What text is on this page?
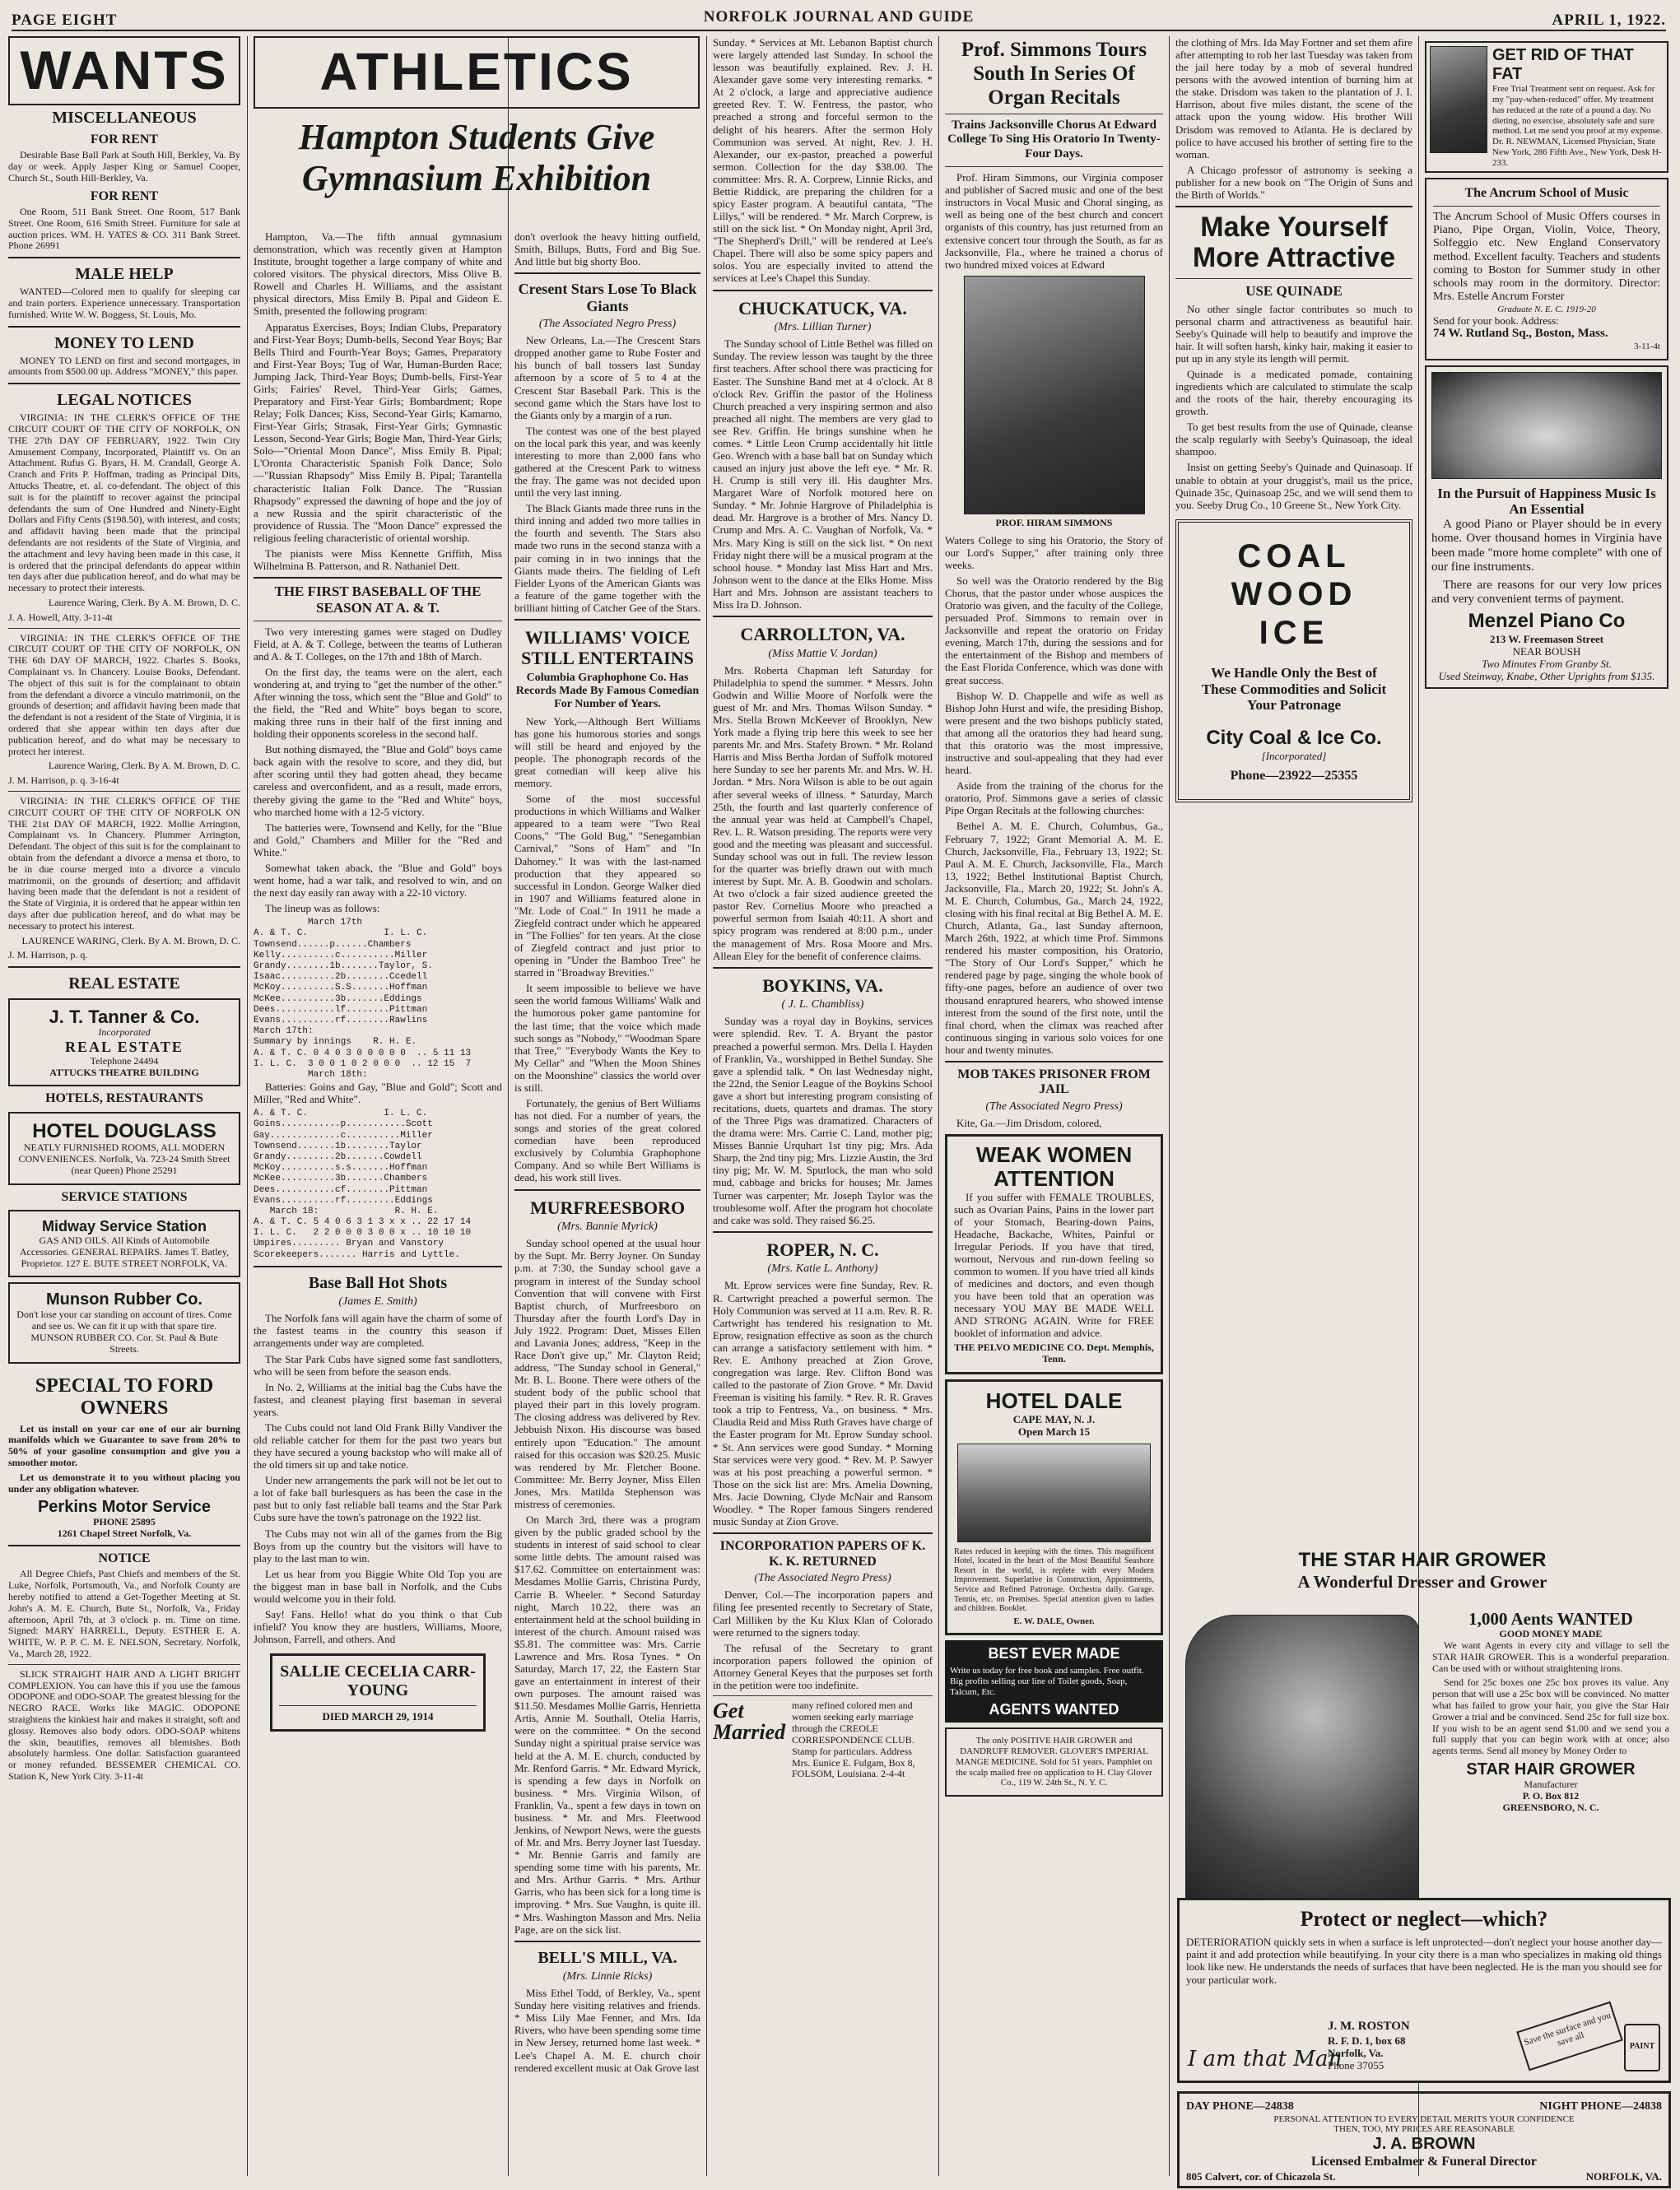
PAGE EIGHT	NORFOLK JOURNAL AND GUIDE	APRIL 1, 1922.
WANTS
MISCELLANEOUS
FOR RENT

Desirable Base Ball Park at South Hill, Berkley, Va. By day or week. Apply Jasper King or Samuel Cooper, Church St., South Hill-Berkley, Va.

FOR RENT

One Room, 511 Bank Street. One Room, 517 Bank Street. One Room, 616 Smith Street. Furniture for sale at auction prices. WM. H. YATES & CO. 311 Bank Street. Phone 26991

MALE HELP

WANTED—Colored men to qualify for sleeping car and train porters. Experience unnecessary. Transportation furnished. Write W. W. Boggess, St. Louis, Mo.

MONEY TO LEND

MONEY TO LEND on first and second mortgages, in amounts from $500.00 up. Address "MONEY," this paper.

LEGAL NOTICES

VIRGINIA: IN THE CLERK'S OFFICE OF THE CIRCUIT COURT OF THE CITY OF NORFOLK, ON THE 27th DAY OF FEBRUARY, 1922. Twin City Amusement Company, Incorporated, Plaintiff vs. On an Attachment. Rufus G. Byars, H. M. Crandall, George A. Cranch and Frits P. Hoffman, trading as Principal Dits, Attucks Theatre, et. al. co-defendant. The object of this suit is for the plaintiff to recover against the principal defendants the sum of One Hundred and Ninety-Eight Dollars and Fifty Cents ($198.50), with interest, and costs; and affidavit having been made that the principal defendants are not residents of the State of Virginia, and the attachment and levy having been made in this case, it is ordered that the principal defendants do appear within ten days after due publication hereof, and do what may be necessary to protect their interests.

Laurence Waring, Clerk. By A. M. Brown, D. C.

J. A. Howell, Atty. 3-11-4t

VIRGINIA: IN THE CLERK'S OFFICE OF THE CIRCUIT COURT OF THE CITY OF NORFOLK, ON THE 6th DAY OF MARCH, 1922. Charles S. Books, Complainant vs. In Chancery. Louise Books, Defendant. The object of this suit is for the complainant to obtain from the defendant a divorce a vinculo matrimonii, on the grounds of desertion; and affidavit having been made that the defendant is not a resident of the State of Virginia, it is ordered that she appear within ten days after due publication hereof, and do what may be necessary to protect her interest.

Laurence Waring, Clerk. By A. M. Brown, D. C.

J. M. Harrison, p. q. 3-16-4t

VIRGINIA: IN THE CLERK'S OFFICE OF THE CIRCUIT COURT OF THE CITY OF NORFOLK ON THE 21st DAY OF MARCH, 1922. Mollie Arrington, Complainant vs. In Chancery. Plummer Arrington, Defendant. The object of this suit is for the complainant to obtain from the defendant a divorce a mensa et thoro, to be in due course merged into a divorce a vinculo matrimonii, on the grounds of desertion; and affidavit having been made that the defendant is not a resident of the State of Virginia, it is ordered that he appear within ten days after due publication hereof, and do what may be necessary to protect his interest.

LAURENCE WARING, Clerk. By A. M. Brown, D. C.

J. M. Harrison, p. q.

REAL ESTATE
J. T. Tanner & Co.
Incorporated
REAL ESTATE
Telephone 24494
ATTUCKS THEATRE BUILDING
HOTELS, RESTAURANTS
HOTEL DOUGLASS
NEATLY FURNISHED ROOMS, ALL MODERN CONVENIENCES. Norfolk, Va. 723-24 Smith Street (near Queen) Phone 25291
SERVICE STATIONS
Midway Service Station
GAS AND OILS. All Kinds of Automobile Accessories. GENERAL REPAIRS. James T. Batley, Proprietor. 127 E. BUTE STREET NORFOLK, VA.
Munson Rubber Co.
Don't lose your car standing on account of tires. Come and see us. We can fit it up with that spare tire. MUNSON RUBBER CO. Cor. St. Paul & Bute Streets.
SPECIAL TO FORD OWNERS

Let us install on your car one of our air burning manifolds which we Guarantee to save from 20% to 50% of your gasoline consumption and give you a smoother motor.

Let us demonstrate it to you without placing you under any obligation whatever.

Perkins Motor Service
PHONE 25895
1261 Chapel Street Norfolk, Va.
NOTICE

All Degree Chiefs, Past Chiefs and members of the St. Luke, Norfolk, Portsmouth, Va., and Norfolk County are hereby notified to attend a Get-Together Meeting at St. John's A. M. E. Church, Bute St., Norfolk, Va., Friday afternoon, April 7th, at 3 o'clock p. m. Time on time. Signed: MARY HARRELL, Deputy. ESTHER E. A. WHITE, W. P. P. C. M. E. NELSON, Secretary. Norfolk, Va., March 28, 1922.

SLICK STRAIGHT HAIR AND A LIGHT BRIGHT COMPLEXION. You can have this if you use the famous ODOPONE and ODO-SOAP. The greatest blessing for the NEGRO RACE. Works like MAGIC. ODOPONE straightens the kinkiest hair and makes it straight, soft and glossy. Removes also body odors. ODO-SOAP whitens the skin, beautifies, removes all blemishes. Both absolutely harmless. One dollar. Satisfaction guaranteed or money refunded. BESSEMER CHEMICAL CO. Station K, New York City. 3-11-4t

ATHLETICS
Hampton Students Give Gymnasium Exhibition

Hampton, Va.—The fifth annual gymnasium demonstration, which was recently given at Hampton Institute, brought together a large company of white and colored visitors. The physical directors, Miss Olive B. Rowell and Charles H. Williams, and the assistant physical directors, Miss Emily B. Pipal and Gideon E. Smith, presented the following program:

Apparatus Exercises, Boys; Indian Clubs, Preparatory and First-Year Boys; Dumb-bells, Second Year Boys; Bar Bells Third and Fourth-Year Boys; Games, Preparatory and First-Year Boys; Tug of War, Human-Burden Race; Jumping Jack, Third-Year Boys; Dumb-bells, First-Year Girls; Fairies' Revel, Third-Year Girls; Games, Preparatory and First-Year Girls; Bombardment; Rope Relay; Folk Dances; Kiss, Second-Year Girls; Kamarno, First-Year Girls; Strasak, First-Year Girls; Gymnastic Lesson, Second-Year Girls; Bogie Man, Third-Year Girls; Solo—"Oriental Moon Dance", Miss Emily B. Pipal; L'Oronta Characteristic Spanish Folk Dance; Solo—"Russian Rhapsody" Miss Emily B. Pipal; Tarantella characteristic Italian Folk Dance. The "Russian Rhapsody" expressed the dawning of hope and the joy of a new Russia and the spirit characteristic of the providence of Russia. The "Moon Dance" expressed the religious feeling characteristic of oriental worship.

The pianists were Miss Kennette Griffith, Miss Wilhelmina B. Patterson, and R. Nathaniel Dett.

THE FIRST BASEBALL OF THE SEASON AT A. & T.

Two very interesting games were staged on Dudley Field, at A. & T. College, between the teams of Lutheran and A. & T. Colleges, on the 17th and 18th of March.

On the first day, the teams were on the alert, each wondering at, and trying to "get the number of the other." After winning the toss, which sent the "Blue and Gold" to the field, the "Red and White" boys began to score, making three runs in their half of the first inning and holding their opponents scoreless in the second half.

But nothing dismayed, the "Blue and Gold" boys came back again with the resolve to score, and they did, but after scoring until they had gotten ahead, they became careless and overconfident, and as a result, made errors, thereby giving the game to the "Red and White" boys, who marched home with a 12-5 victory.

The batteries were, Townsend and Kelly, for the "Blue and Gold," Chambers and Miller for the "Red and White."

Somewhat taken aback, the "Blue and Gold" boys went home, had a war talk, and resolved to win, and on the next day easily ran away with a 22-10 victory.

The lineup was as follows:

March 17th
A. & T. C.              I. L. C.
Townsend......p......Chambers
Kelly..........c..........Miller
Grandy........1b.......Taylor, S.
Isaac..........2b........Ccedell
McKoy..........S.S.......Hoffman
McKee..........3b.......Eddings
Dees...........lf........Pittman
Evans..........rf........Rawlins
March 17th:
Summary by innings    R. H. E.
A. & T. C. 0 4 0 3 0 0 0 0 0  .. 5 11 13
I. L. C.  3 0 0 1 0 2 0 0 0  .. 12 15  7
March 18th:

Batteries: Goins and Gay, "Blue and Gold"; Scott and Miller, "Red and White".

A. & T. C.              I. L. C.
Goins...........p...........Scott
Gay.............c..........Miller
Townsend.......1b........Taylor
Grandy.........2b.......Cowdell
McKoy..........s.s.......Hoffman
McKee..........3b.......Chambers
Dees...........cf........Pittman
Evans..........rf.........Eddings
March 18:              R. H. E.
A. & T. C. 5 4 0 6 3 1 3 x x .. 22 17 14
I. L. C.   2 2 0 0 0 3 0 0 x .. 10 10 10
Umpires......... Bryan and Vanstory
Scorekeepers....... Harris and Lyttle.
Base Ball Hot Shots
(James E. Smith)

The Norfolk fans will again have the charm of some of the fastest teams in the country this season if arrangements under way are completed.

The Star Park Cubs have signed some fast sandlotters, who will be seen from before the season ends.

In No. 2, Williams at the initial bag the Cubs have the fastest, and cleanest playing first baseman in several years.

The Cubs could not land Old Frank Billy Vandiver the old reliable catcher for them for the past two years but they have secured a young backstop who will make all of the old timers sit up and take notice.

Under new arrangements the park will not be let out to a lot of fake ball burlesquers as has been the case in the past but to only fast reliable ball teams and the Star Park Cubs sure have the town's patronage on the 1922 list.

The Cubs may not win all of the games from the Big Boys from up the country but the visitors will have to play to the last man to win.

Let us hear from you Biggie White Old Top you are the biggest man in base ball in Norfolk, and the Cubs would welcome you in their fold.

Say! Fans. Hello! what do you think o that Cub infield? You know they are hustlers, Williams, Moore, Johnson, Farrell, and others. And

SALLIE CECELIA CARR-YOUNG
DIED MARCH 29, 1914

don't overlook the heavy hitting outfield, Smith, Billups, Butts, Ford and Big Sue. And little but big shorty Boo.

Cresent Stars Lose To Black Giants
(The Associated Negro Press)

New Orleans, La.—The Crescent Stars dropped another game to Rube Foster and his bunch of ball tossers last Sunday afternoon by a score of 5 to 4 at the Crescent Star Baseball Park. This is the second game which the Stars have lost to the Giants only by a margin of a run.

The contest was one of the best played on the local park this year, and was keenly interesting to more than 2,000 fans who gathered at the Crescent Park to witness the fray. The game was not decided upon until the very last inning.

The Black Giants made three runs in the third inning and added two more tallies in the fourth and seventh. The Stars also made two runs in the second stanza with a pair coming in in two innings that the Giants made theirs. The fielding of Left Fielder Lyons of the American Giants was a feature of the game together with the brilliant hitting of Catcher Gee of the Stars.

WILLIAMS' VOICE STILL ENTERTAINS
Columbia Graphophone Co. Has Records Made By Famous Comedian For Number of Years.

New York,—Although Bert Williams has gone his humorous stories and songs will still be heard and enjoyed by the people. The phonograph records of the great comedian will keep alive his memory.

Some of the most successful productions in which Williams and Walker appeared to a team were "Two Real Coons," "The Gold Bug," "Senegambian Carnival," "Sons of Ham" and "In Dahomey." It was with the last-named production that they appeared so successful in London. George Walker died in 1907 and Williams featured alone in "Mr. Lode of Coal." In 1911 he made a Ziegfeld contract under which he appeared in "The Follies" for ten years. At the close of Ziegfeld contract and just prior to opening in "Under the Bamboo Tree" he starred in "Broadway Brevities."

It seem impossible to believe we have seen the world famous Williams' Walk and the humorous poker game pantomine for the last time; that the voice which made such songs as "Nobody," "Woodman Spare that Tree," "Everybody Wants the Key to My Cellar" and "When the Moon Shines on the Moonshine" classics the world over is still.

Fortunately, the genius of Bert Williams has not died. For a number of years, the songs and stories of the great colored comedian have been reproduced exclusively by Columbia Graphophone Company. And so while Bert Williams is dead, his work still lives.

MURFREESBORO
(Mrs. Bannie Myrick)

Sunday school opened at the usual hour by the Supt. Mr. Berry Joyner. On Sunday p.m. at 7:30, the Sunday school gave a program in interest of the Sunday school Convention that will convene with First Baptist church, of Murfreesboro on Thursday after the fourth Lord's Day in July 1922. Program: Duet, Misses Ellen and Lavania Jones; address, "Keep in the Race Don't give up," Mr. Clayton Reid; address, "The Sunday school in General," Mr. B. L. Boone. There were others of the student body of the public school that played their part in this lovely program. The closing address was delivered by Rev. Jebbuish Nixon. His discourse was based entirely upon "Education." The amount raised for this occasion was $20.25. Music was rendered by Mr. Fletcher Boone. Committee: Mr. Berry Joyner, Miss Ellen Jones, Mrs. Matilda Stephenson was mistress of ceremonies.

On March 3rd, there was a program given by the public graded school by the students in interest of said school to clear some little debts. The amount raised was $17.62. Committee on entertainment was: Mesdames Mollie Garris, Christina Purdy, Carrie B. Wheeler. * Second Saturday night, March 10.22, there was an entertainment held at the school building in interest of the church. Amount raised was $5.81. The committee was: Mrs. Carrie Lawrence and Mrs. Rosa Tynes. * On Saturday, March 17, 22, the Eastern Star gave an entertainment in interest of their own purposes. The amount raised was $11.50. Mesdames Mollie Garris, Henrietta Artis, Annie M. Southall, Otelia Harris, were on the committee. * On the second Sunday night a spiritual praise service was held at the A. M. E. church, conducted by Mr. Renford Garris. * Mr. Edward Myrick, is spending a few days in Norfolk on business. * Mrs. Virginia Wilson, of Franklin, Va., spent a few days in town on business. * Mr. and Mrs. Fleetwood Jenkins, of Newport News, were the guests of Mr. and Mrs. Berry Joyner last Tuesday. * Mr. Bennie Garris and family are spending some time with his parents, Mr. and Mrs. Arthur Garris. * Mrs. Arthur Garris, who has been sick for a long time is improving. * Mrs. Sue Vaughn, is quite ill. * Mrs. Washington Masson and Mrs. Nelia Page, are on the sick list.

BELL'S MILL, VA.
(Mrs. Linnie Ricks)

Miss Ethel Todd, of Berkley, Va., spent Sunday here visiting relatives and friends. * Miss Lily Mae Fenner, and Mrs. Ida Rivers, who have been spending some time in New Jersey, returned home last week. * Lee's Chapel A. M. E. church choir rendered excellent music at Oak Grove last

Sunday. * Services at Mt. Lebanon Baptist church were largely attended last Sunday. In school the lesson was beautifully explained. Rev. J. H. Alexander gave some very interesting remarks. * At 2 o'clock, a large and appreciative audience greeted Rev. T. W. Fentress, the pastor, who preached a strong and forceful sermon to the delight of his hearers. After the sermon Holy Communion was served. At night, Rev. J. H. Alexander, our ex-pastor, preached a powerful sermon. Collection for the day $38.00. The committee: Mrs. R. A. Corprew, Linnie Ricks, and Bettie Riddick, are preparing the children for a spicy Easter program. A beautiful cantata, "The Lillys," will be rendered. * Mr. March Corprew, is still on the sick list. * On Monday night, April 3rd, "The Shepherd's Drill," will be rendered at Lee's Chapel. There will also be some spicy papers and solos. You are especially invited to attend the services at Lee's Chapel this Sunday.

CHUCKATUCK, VA.
(Mrs. Lillian Turner)

The Sunday school of Little Bethel was filled on Sunday. The review lesson was taught by the three first teachers. After school there was practicing for Easter. The Sunshine Band met at 4 o'clock. At 8 o'clock Rev. Griffin the pastor of the Holiness Church preached a very inspiring sermon and also preached all night. The members are very glad to see Rev. Griffin. He brings sunshine when he comes. * Little Leon Crump accidentally hit little Geo. Wrench with a base ball bat on Sunday which caused an injury just above the left eye. * Mr. R. H. Crump is still very ill. His daughter Mrs. Margaret Ware of Norfolk motored here on Sunday. * Mr. Johnie Hargrove of Philadelphia is dead. Mr. Hargrove is a brother of Mrs. Nancy D. Crump and Mrs. A. C. Vaughan of Norfolk, Va. * Mrs. Mary King is still on the sick list. * On next Friday night there will be a musical program at the school house. * Monday last Miss Hart and Mrs. Johnson went to the dance at the Elks Home. Miss Hart and Mrs. Johnson are assistant teachers to Miss Ira D. Johnson.

CARROLLTON, VA.
(Miss Mattie V. Jordan)

Mrs. Roberta Chapman left Saturday for Philadelphia to spend the summer. * Messrs. John Godwin and Willie Moore of Norfolk were the guest of Mr. and Mrs. Thomas Wilson Sunday. * Mrs. Stella Brown McKeever of Brooklyn, New York made a flying trip here this week to see her parents Mr. and Mrs. Stafety Brown. * Mr. Roland Harris and Miss Bertha Jordan of Suffolk motored here Sunday to see her parents Mr. and Mrs. W. H. Jordan. * Mrs. Nora Wilson is able to be out again after several weeks of illness. * Saturday, March 25th, the fourth and last quarterly conference of the annual year was held at Campbell's Chapel, Rev. L. R. Watson presiding. The reports were very good and the meeting was pleasant and successful. Sunday school was out in full. The review lesson for the quarter was briefly drawn out with much interest by Supt. Mr. A. B. Goodwin and scholars. At two o'clock a fair sized audience greeted the pastor Rev. Cornelius Moore who preached a powerful sermon from Isaiah 40:11. A short and spicy program was rendered at 8:00 p.m., under the management of Mrs. Rosa Moore and Mrs. Allean Eley for the benefit of conference claims.

BOYKINS, VA.
( J. L. Chambliss)

Sunday was a royal day in Boykins, services were splendid. Rev. T. A. Bryant the pastor preached a powerful sermon. Mrs. Della I. Hayden of Franklin, Va., worshipped in Bethel Sunday. She gave a splendid talk. * On last Wednesday night, the 22nd, the Senior League of the Boykins School gave a short but interesting program consisting of recitations, duets, quartets and dramas. The story of the Three Pigs was dramatized. Characters of the drama were: Mrs. Carrie C. Land, mother pig; Misses Bannie Urquhart 1st tiny pig; Mrs. Ada Sharp, the 2nd tiny pig; Mrs. Lizzie Austin, the 3rd tiny pig; Mr. W. M. Spurlock, the man who sold mud, cabbage and bricks for houses; Mr. James Turner was carpenter; Mr. Joseph Taylor was the troublesome wolf. After the program hot chocolate and cake was sold. They raised $6.25.

ROPER, N. C.
(Mrs. Katie L. Anthony)

Mt. Eprow services were fine Sunday, Rev. R. R. Cartwright preached a powerful sermon. The Holy Communion was served at 11 a.m. Rev. R. R. Cartwright has tendered his resignation to Mt. Eprow, resignation effective as soon as the church can arrange a satisfactory settlement with him. * Rev. E. Anthony preached at Zion Grove, congregation was large. Rev. Clifton Bond was called to the pastorate of Zion Grove. * Mr. David Freeman is visiting his family. * Rev. R. R. Graves took a trip to Fentress, Va., on business. * Mrs. Claudia Reid and Miss Ruth Graves have charge of the Easter program for Mt. Eprow Sunday school. * St. Ann services were good Sunday. * Morning Star services were very good. * Rev. M. P. Sawyer was at his post preaching a powerful sermon. * Those on the sick list are: Mrs. Amelia Downing, Mrs. Jacie Downing, Clyde McNair and Ransom Woodley. * The Roper famous Singers rendered music Sunday at Zion Grove.

INCORPORATION PAPERS OF K. K. K. RETURNED
(The Associated Negro Press)

Denver, Col.—The incorporation papers and filing fee presented recently to Secretary of State, Carl Milliken by the Ku Klux Klan of Colorado were returned to the signers today.

The refusal of the Secretary to grant incorporation papers followed the opinion of Attorney General Keyes that the purposes set forth in the petition were too indefinite.

Get Married
many refined colored men and women seeking early marriage through the CREOLE CORRESPONDENCE CLUB. Stamp for particulars. Address Mrs. Eunice E. Fulgam, Box 8, FOLSOM, Louisiana. 2-4-4t
Prof. Simmons Tours South In Series Of Organ Recitals
Trains Jacksonville Chorus At Edward College To Sing His Oratorio In Twenty-Four Days.

Prof. Hiram Simmons, our Virginia composer and publisher of Sacred music and one of the best instructors in Vocal Music and Choral singing, as well as being one of the best church and concert organists of this country, has just returned from an extensive concert tour through the South, as far as Jacksonville, Fla., where he trained a chorus of two hundred mixed voices at Edward

PROF. HIRAM SIMMONS

Waters College to sing his Oratorio, the Story of our Lord's Supper," after training only three weeks.

So well was the Oratorio rendered by the Big Chorus, that the pastor under whose auspices the Oratorio was given, and the faculty of the College, persuaded Prof. Simmons to remain over in Jacksonville and repeat the oratorio on Friday evening, March 17th, during the sessions and for the entertainment of the Bishop and members of the East Florida Conference, which was done with great success.

Bishop W. D. Chappelle and wife as well as Bishop John Hurst and wife, the presiding Bishop, were present and the two bishops publicly stated, that among all the oratorios they had heard sung, that this oratorio was the most impressive, instructive and soul-appealing that they had ever heard.

Aside from the training of the chorus for the oratorio, Prof. Simmons gave a series of classic Pipe Organ Recitals at the following churches:

Bethel A. M. E. Church, Columbus, Ga., February 7, 1922; Grant Memorial A. M. E. Church, Jacksonville, Fla., February 13, 1922; St. Paul A. M. E. Church, Jacksonville, Fla., March 13, 1922; Bethel Institutional Baptist Church, Jacksonville, Fla., March 20, 1922; St. John's A. M. E. Church, Columbus, Ga., March 24, 1922, closing with his final recital at Big Bethel A. M. E. Church, Atlanta, Ga., last Sunday afternoon, March 26th, 1922, at which time Prof. Simmons rendered his master composition, his Oratorio, "The Story of Our Lord's Supper," which he rendered page by page, singing the whole book of fifty-one pages, before an audience of over two thousand enraptured hearers, who showed intense interest from the sound of the first note, until the final chord, when the climax was reached after continuous singing in various solo voices for one hour and twenty minutes.

MOB TAKES PRISONER FROM JAIL
(The Associated Negro Press)

Kite, Ga.—Jim Drisdom, colored,

WEAK WOMEN ATTENTION

If you suffer with FEMALE TROUBLES, such as Ovarian Pains, Pains in the lower part of your Stomach, Bearing-down Pains, Headache, Backache, Whites, Painful or Irregular Periods. If you have that tired, wornout, Nervous and run-down feeling so common to women. If you have tried all kinds of medicines and doctors, and even though you have been told that an operation was necessary YOU MAY BE MADE WELL AND STRONG AGAIN. Write for FREE booklet of information and advice.

THE PELVO MEDICINE CO. Dept. Memphis, Tenn.
HOTEL DALE
CAPE MAY, N. J.
Open March 15
Rates reduced in keeping with the times. This magnificent Hotel, located in the heart of the Most Beautiful Seashore Resort in the world, is replete with every Modern Improvement. Superlative in Construction, Appointments, Service and Refined Patronage. Orchestra daily. Garage. Tennis, etc. on Premises. Special attention given to ladies and children. Booklet.
E. W. DALE, Owner.
BEST EVER MADE
Write us today for free book and samples. Free outfit. Big profits selling our line of Toilet goods, Soap, Talcum, Etc.
AGENTS WANTED
The only POSITIVE HAIR GROWER and DANDRUFF REMOVER. GLOVER'S IMPERIAL MANGE MEDICINE. Sold for 51 years. Pamphlet on the scalp mailed free on application to H. Clay Glover Co., 119 W. 24th St., N. Y. C.

the clothing of Mrs. Ida May Fortner and set them afire after attempting to rob her last Tuesday was taken from the jail here today by a mob of several hundred persons with the avowed intention of burning him at the stake. Drisdom was taken to the plantation of J. I. Harrison, about five miles distant, the scene of the attack upon the young widow. His brother Will Drisdom was removed to Atlanta. He is declared by police to have accused his brother of setting fire to the woman.

A Chicago professor of astronomy is seeking a publisher for a new book on "The Origin of Suns and the Birth of Worlds."

Make Yourself More Attractive
USE QUINADE

No other single factor contributes so much to personal charm and attractiveness as beautiful hair. Seeby's Quinade will help to beautify and improve the hair. It will soften harsh, kinky hair, making it easier to put up in any style its length will permit.

Quinade is a medicated pomade, containing ingredients which are calculated to stimulate the scalp and the roots of the hair, thereby encouraging its growth.

To get best results from the use of Quinade, cleanse the scalp regularly with Seeby's Quinasoap, the ideal shampoo.

Insist on getting Seeby's Quinade and Quinasoap. If unable to obtain at your druggist's, mail us the price, Quinade 35c, Quinasoap 25c, and we will send them to you. Seeby Drug Co., 10 Greene St., New York City.

COAL
WOOD
ICE
We Handle Only the Best of These Commodities and Solicit Your Patronage
City Coal & Ice Co.
[Incorporated]
Phone—23922—25355
THE STAR HAIR GROWER
A Wonderful Dresser and Grower
GET RID OF THAT FAT
Free Trial Treatment sent on request. Ask for my "pay-when-reduced" offer. My treatment has reduced at the rate of a pound a day. No dieting, no exercise, absolutely safe and sure method. Let me send you proof at my expense. Dr. R. NEWMAN, Licensed Physician, State New York, 286 Fifth Ave., New York, Desk H-233.
The Ancrum School of Music
The Ancrum School of Music Offers courses in Piano, Pipe Organ, Violin, Voice, Theory, Solfeggio etc. New England Conservatory method. Excellent faculty. Teachers and students coming to Boston for Summer study in other schools may room in the dormitory. Director: Mrs. Estelle Ancrum Forster
Graduate N. E. C. 1919-20
Send for your book. Address:
74 W. Rutland Sq., Boston, Mass.
3-11-4t
In the Pursuit of Happiness Music Is An Essential

A good Piano or Player should be in every home. Over thousand homes in Virginia have been made "more home complete" with one of our fine instruments.

There are reasons for our very low prices and very convenient terms of payment.

Menzel Piano Co
213 W. Freemason Street
NEAR BOUSH
Two Minutes From Granby St.
Used Steinway, Knabe, Other Uprights from $135.
1,000 Aents WANTED
GOOD MONEY MADE

We want Agents in every city and village to sell the STAR HAIR GROWER. This is a wonderful preparation. Can be used with or without straightening irons.

Send for 25c boxes one 25c box proves its value. Any person that will use a 25c box will be convinced. No matter what has failed to grow your hair, you give the Star Hair Grower a trial and be convinced. Send 25c for full size box. If you wish to be an agent send $1.00 and we send you a full supply that you can begin work with at once; also agents terms. Send all money by Money Order to

STAR HAIR GROWER
Manufacturer
P. O. Box 812
GREENSBORO, N. C.
Protect or neglect—which?
DETERIORATION quickly sets in when a surface is left unprotected—don't neglect your house another day—paint it and add protection while beautifying. In your city there is a man who specializes in making old things look like new. He understands the needs of surfaces that have been neglected. He is the man you should see for your particular work.
J. M. ROSTON
R. F. D. 1, box 68
Norfolk, Va.
Phone 37055
I am that Man
Save the surface and you save all	PAINT
DAY PHONE—24838	NIGHT PHONE—24838
PERSONAL ATTENTION TO EVERY DETAIL MERITS YOUR CONFIDENCE
THEN, TOO, MY PRICES ARE REASONABLE
J. A. BROWN
Licensed Embalmer & Funeral Director
805 Calvert, cor. of Chicazola St.	NORFOLK, VA.
